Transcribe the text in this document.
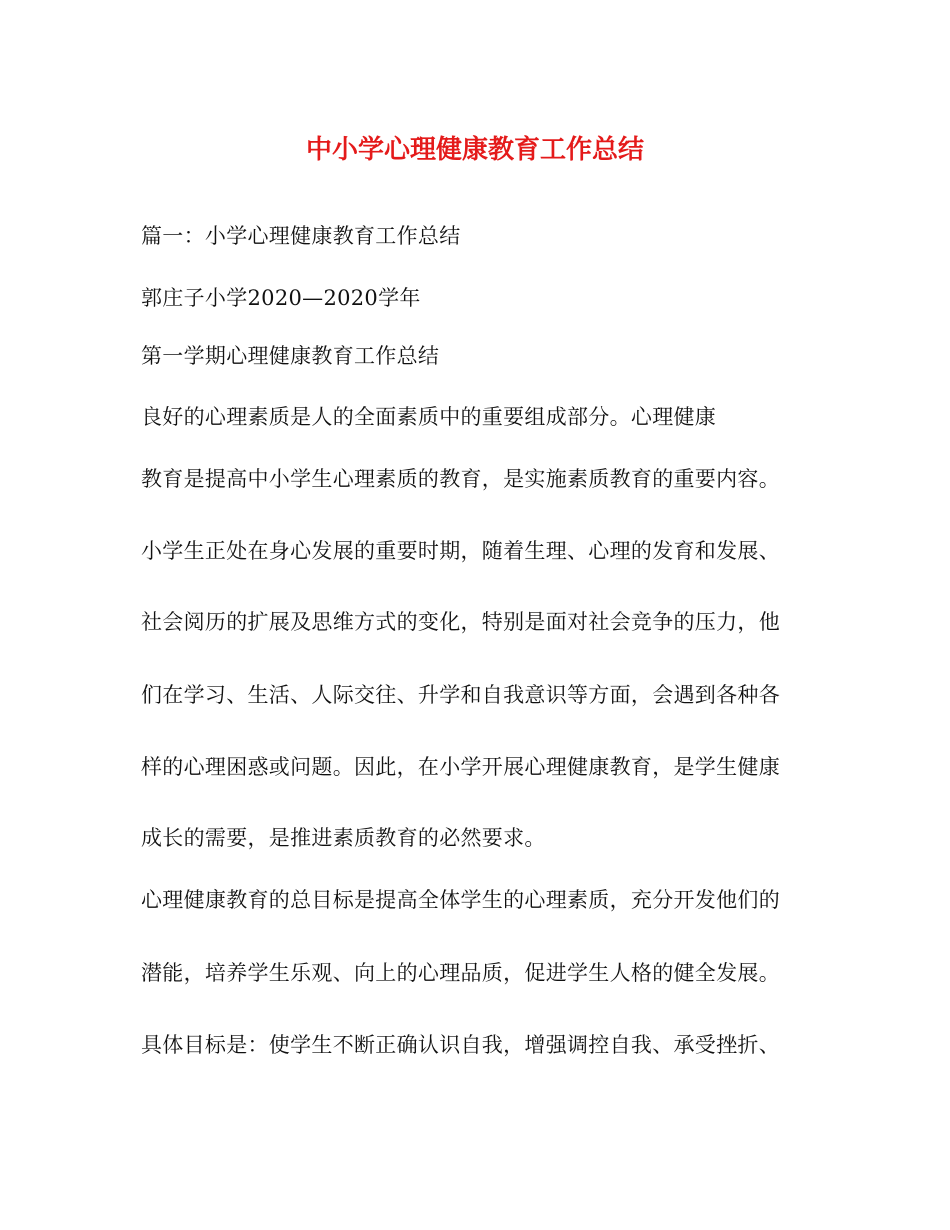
中小学心理健康教育工作总结
篇一：小学心理健康教育工作总结
郭庄子小学2020—2020学年
第一学期心理健康教育工作总结
良好的心理素质是人的全面素质中的重要组成部分。心理健康
教育是提高中小学生心理素质的教育，是实施素质教育的重要内容。
小学生正处在身心发展的重要时期，随着生理、心理的发育和发展、
社会阅历的扩展及思维方式的变化，特别是面对社会竞争的压力，他
们在学习、生活、人际交往、升学和自我意识等方面，会遇到各种各
样的心理困惑或问题。因此，在小学开展心理健康教育，是学生健康
成长的需要，是推进素质教育的必然要求。
心理健康教育的总目标是提高全体学生的心理素质，充分开发他们的
潜能，培养学生乐观、向上的心理品质，促进学生人格的健全发展。
具体目标是：使学生不断正确认识自我，增强调控自我、承受挫折、
